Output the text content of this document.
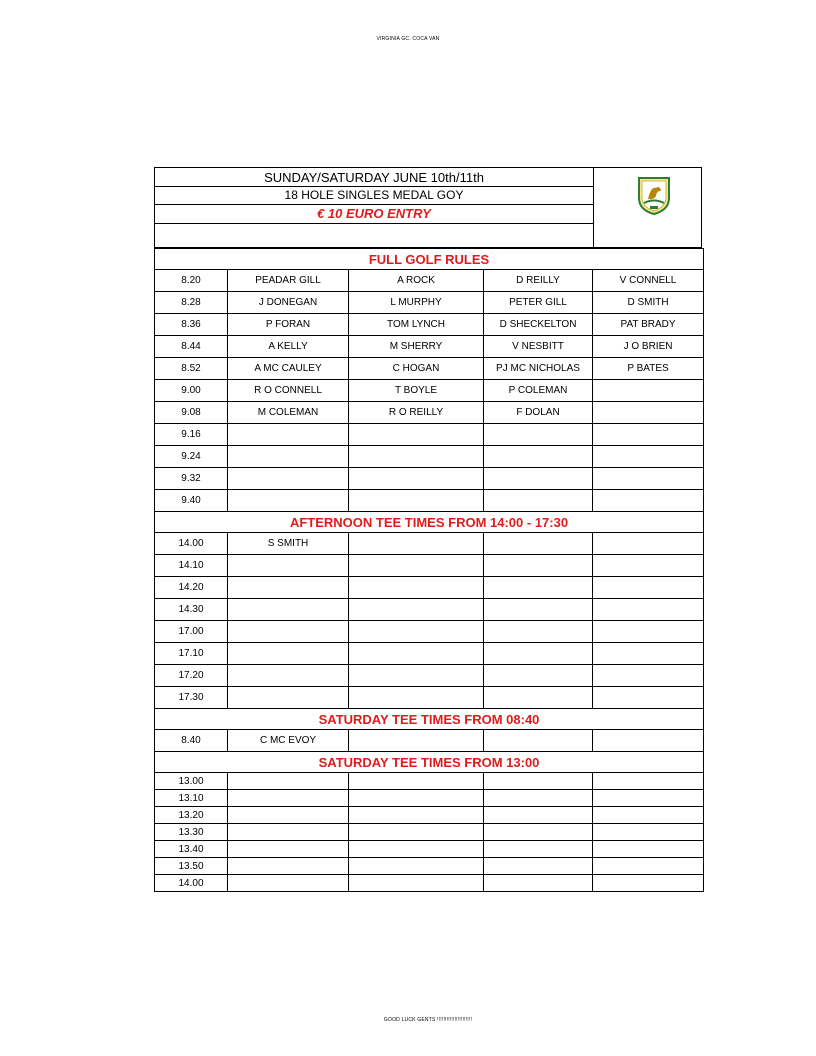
VIRGINIA GC. COCA VAN
SUNDAY/SATURDAY JUNE 10th/11th
18 HOLE SINGLES MEDAL GOY
€ 10 EURO ENTRY
FULL GOLF RULES				
8.20	PEADAR GILL	A ROCK	D REILLY	V CONNELL
8.28	J DONEGAN	L MURPHY	PETER GILL	D SMITH
8.36	P FORAN	TOM LYNCH	D SHECKELTON	PAT BRADY
8.44	A KELLY	M SHERRY	V NESBITT	J O BRIEN
8.52	A MC CAULEY	C HOGAN	PJ MC NICHOLAS	P BATES
9.00	R O CONNELL	T BOYLE	P COLEMAN	
9.08	M COLEMAN	R O REILLY	F DOLAN	
9.16				
9.24				
9.32				
9.40				
AFTERNOON TEE TIMES FROM 14:00 - 17:30				
14.00	S SMITH			
14.10				
14.20				
14.30				
17.00				
17.10				
17.20				
17.30				
SATURDAY TEE TIMES FROM 08:40				
8.40	C MC EVOY			
SATURDAY TEE TIMES FROM 13:00				
13.00				
13.10				
13.20				
13.30				
13.40				
13.50				
14.00				
GOOD LUCK GENTS !!!!!!!!!!!!!!!!!!!!!!
